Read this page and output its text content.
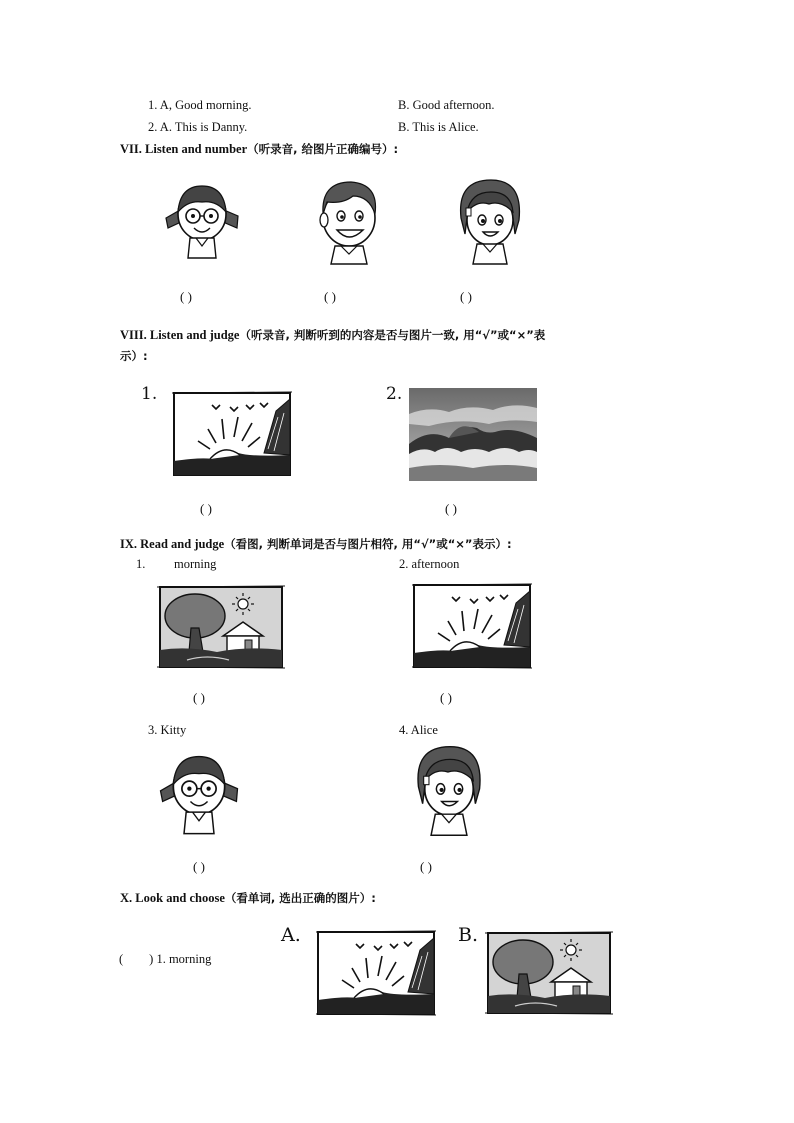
1. A, Good morning.	B. Good afternoon.
2. A. This is Danny.	B. This is Alice.
VII. Listen and number（听录音, 给图片正确编号）:
( )	( )	( )
VIII. Listen and judge（听录音, 判断听到的内容是否与图片一致, 用“√”或“×”表
示）:
1.	2.
( )	( )
IX. Read and judge（看图, 判断单词是否与图片相符, 用“√”或“×”表示）:
1. morning	2. afternoon
( )	( )
3. Kitty	4. Alice
( )	( )
X. Look and choose（看单词, 选出正确的图片）:
( ) 1. morning
A.	B.
